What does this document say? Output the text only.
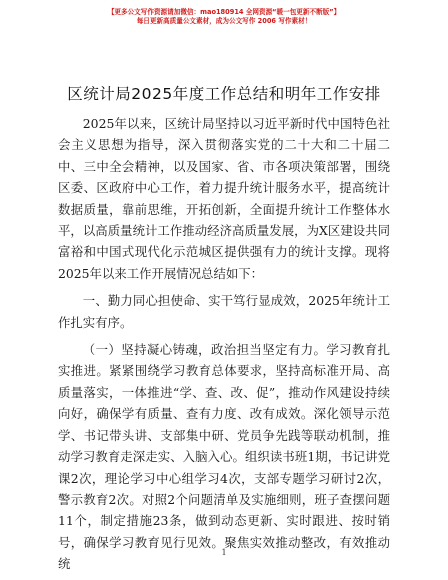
【更多公文写作资源请加微信：mao180914 全网资源“暖一包更新不断版”】
每日更新高质量公文素材，成为公文写作 2006 写作素材！
区统计局2025年度工作总结和明年工作安排

2025年以来，区统计局坚持以习近平新时代中国特色社会主义思想为指导，深入贯彻落实党的二十大和二十届二中、三中全会精神，以及国家、省、市各项决策部署，围绕区委、区政府中心工作，着力提升统计服务水平，提高统计数据质量，靠前思维，开拓创新，全面提升统计工作整体水平，以高质量统计工作推动经济高质量发展，为X区建设共同富裕和中国式现代化示范城区提供强有力的统计支撑。现将2025年以来工作开展情况总结如下：

一、勤力同心担使命、实干笃行显成效，2025年统计工作扎实有序。

（一）坚持凝心铸魂，政治担当坚定有力。学习教育扎实推进。紧紧围绕学习教育总体要求，坚持高标准开局、高质量落实，一体推进“学、查、改、促”，推动作风建设持续向好，确保学有质量、查有力度、改有成效。深化领导示范学、书记带头讲、支部集中研、党员争先践等联动机制，推动学习教育走深走实、入脑入心。组织读书班1期，书记讲党课2次，理论学习中心组学习4次，支部专题学习研讨2次，警示教育2次。对照2个问题清单及实施细则，班子查摆问题11个，制定措施23条，做到动态更新、实时跟进、按时销号，确保学习教育见行见效。聚焦实效推动整改，有效推动统

1
